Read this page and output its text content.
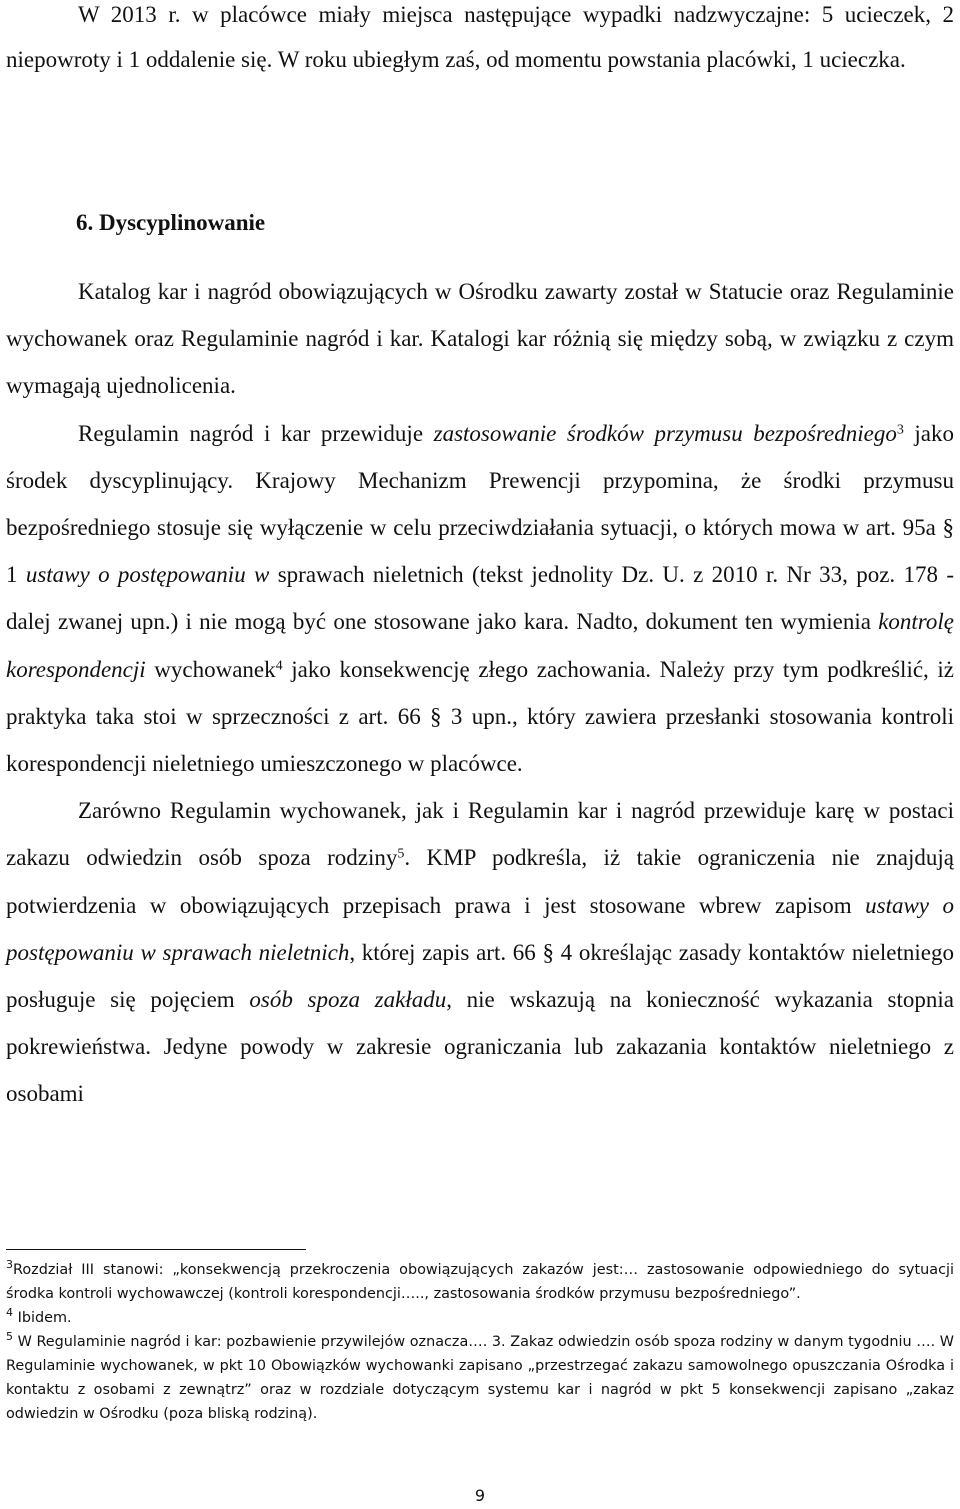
W 2013 r. w placówce miały miejsca następujące wypadki nadzwyczajne: 5 ucieczek, 2 niepowroty i 1 oddalenie się. W roku ubiegłym zaś, od momentu powstania placówki, 1 ucieczka.

6. Dyscyplinowanie

Katalog kar i nagród obowiązujących w Ośrodku zawarty został w Statucie oraz Regulaminie wychowanek oraz Regulaminie nagród i kar. Katalogi kar różnią się między sobą, w związku z czym wymagają ujednolicenia.

Regulamin nagród i kar przewiduje zastosowanie środków przymusu bezpośredniego$^3$ jako środek dyscyplinujący. Krajowy Mechanizm Prewencji przypomina, że środki przymusu bezpośredniego stosuje się wyłączenie w celu przeciwdziałania sytuacji, o których mowa w art. 95a § 1 ustawy o postępowaniu w sprawach nieletnich (tekst jednolity Dz. U. z 2010 r. Nr 33, poz. 178 - dalej zwanej upn.) i nie mogą być one stosowane jako kara. Nadto, dokument ten wymienia kontrolę korespondencji wychowanek$^4$ jako konsekwencję złego zachowania. Należy przy tym podkreślić, iż praktyka taka stoi w sprzeczności z art. 66 § 3 upn., który zawiera przesłanki stosowania kontroli korespondencji nieletniego umieszczonego w placówce.

Zarówno Regulamin wychowanek, jak i Regulamin kar i nagród przewiduje karę w postaci zakazu odwiedzin osób spoza rodziny$^5$. KMP podkreśla, iż takie ograniczenia nie znajdują potwierdzenia w obowiązujących przepisach prawa i jest stosowane wbrew zapisom ustawy o postępowaniu w sprawach nieletnich, której zapis art. 66 § 4 określając zasady kontaktów nieletniego posługuje się pojęciem osób spoza zakładu, nie wskazują na konieczność wykazania stopnia pokrewieństwa. Jedyne powody w zakresie ograniczania lub zakazania kontaktów nieletniego z osobami

$^3$Rozdział III stanowi: „konsekwencją przekroczenia obowiązujących zakazów jest:… zastosowanie odpowiedniego do sytuacji środka kontroli wychowawczej (kontroli korespondencji….., zastosowania środków przymusu bezpośredniego”.

$^4$ Ibidem.

$^5$ W Regulaminie nagród i kar: pozbawienie przywilejów oznacza…. 3. Zakaz odwiedzin osób spoza rodziny w danym tygodniu …. W Regulaminie wychowanek, w pkt 10 Obowiązków wychowanki zapisano „przestrzegać zakazu samowolnego opuszczania Ośrodka i kontaktu z osobami z zewnątrz” oraz w rozdziale dotyczącym systemu kar i nagród w pkt 5 konsekwencji zapisano „zakaz odwiedzin w Ośrodku (poza bliską rodziną).

9
